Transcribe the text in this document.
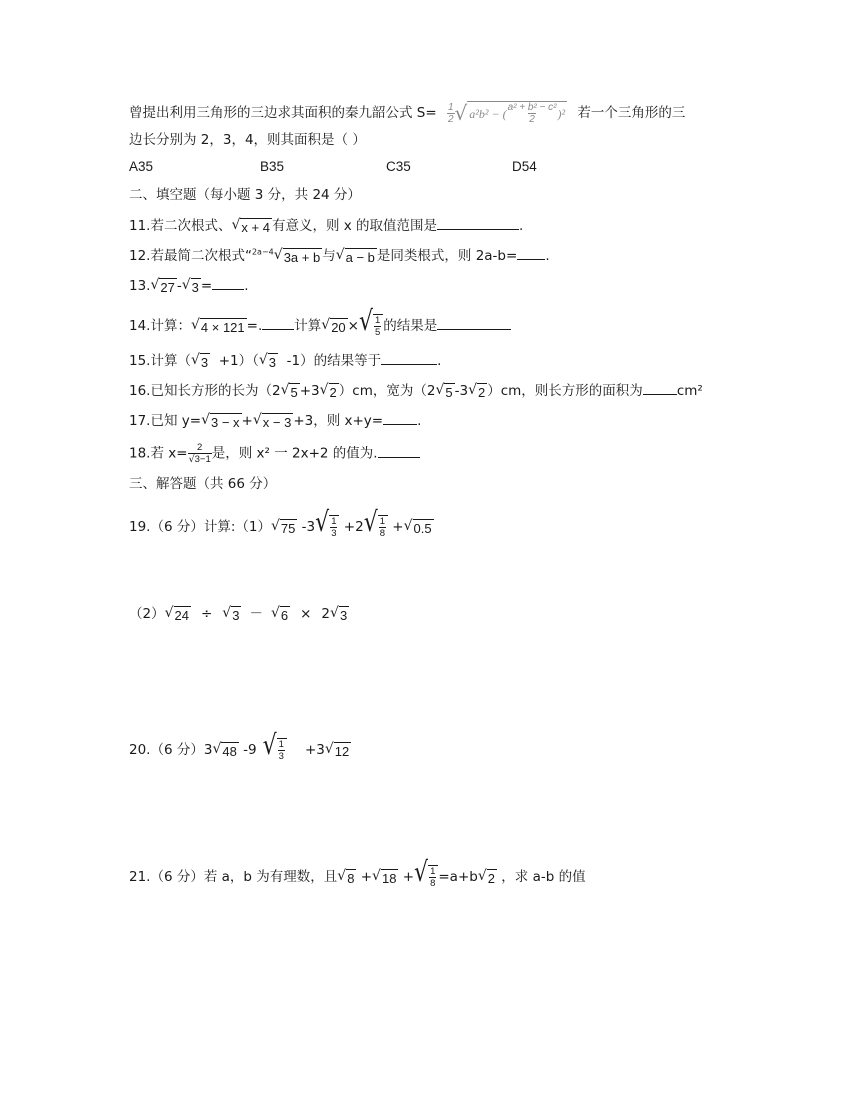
曾提出利用三角形的三边求其面积的秦九韶公式 $S= \frac{1}{2}$ √ a²b² − ( $\frac{\text{a² + b² − c²}}{2} )^2$ 若一个三角形的三
边长分别为 2，3，4，则其面积是（ ）
A35	B35	C35	D54
二、填空题（每小题 3 分，共 24 分）
11.若二次根式、 √ x + 4 有意义，则 x 的取值范围是	.
12.若最简二次根式“$^{2a-4}$ √ 3a + b 与 √ a − b 是同类根式，则 2a-b= .
13. √ 27 - √ 3 = .
14.计算： √ 4 × 121 =. 计算 √ 20 × √ $\frac{1}{5}$ 的结果是
15.计算（ √ 3 +1）（ √ 3 -1）的结果等于	.
16.已知长方形的长为（2 √ 5 +3 √ 2 ）cm，宽为（2 √ 5 -3 √ 2 ）cm，则长方形的面积为	cm²
17.已知 y= √ 3 − x + √ x − 3 +3，则 x+y=	.
18.若 $x= \frac{2}{√3-1}$ 是，则 x² 一 2x+2 的值为.
三、解答题（共 66 分）
19.（6 分）计算:（1） √ 75 -3 √ $\frac{1}{3} +2$ √ $\frac{1}{8}$ + √ 0.5
（2） √ 24 ÷ √ 3 － √ 6 × 2 √ 3
20.（6 分）3 √ 48 -9 √ $\frac{1}{3} +3$ √ 12
21.（6 分）若 a，b 为有理数，且 √ 8 + √ 18 + √ $\frac{1}{8} =a+b$ √ 2 ，求 a-b 的值
